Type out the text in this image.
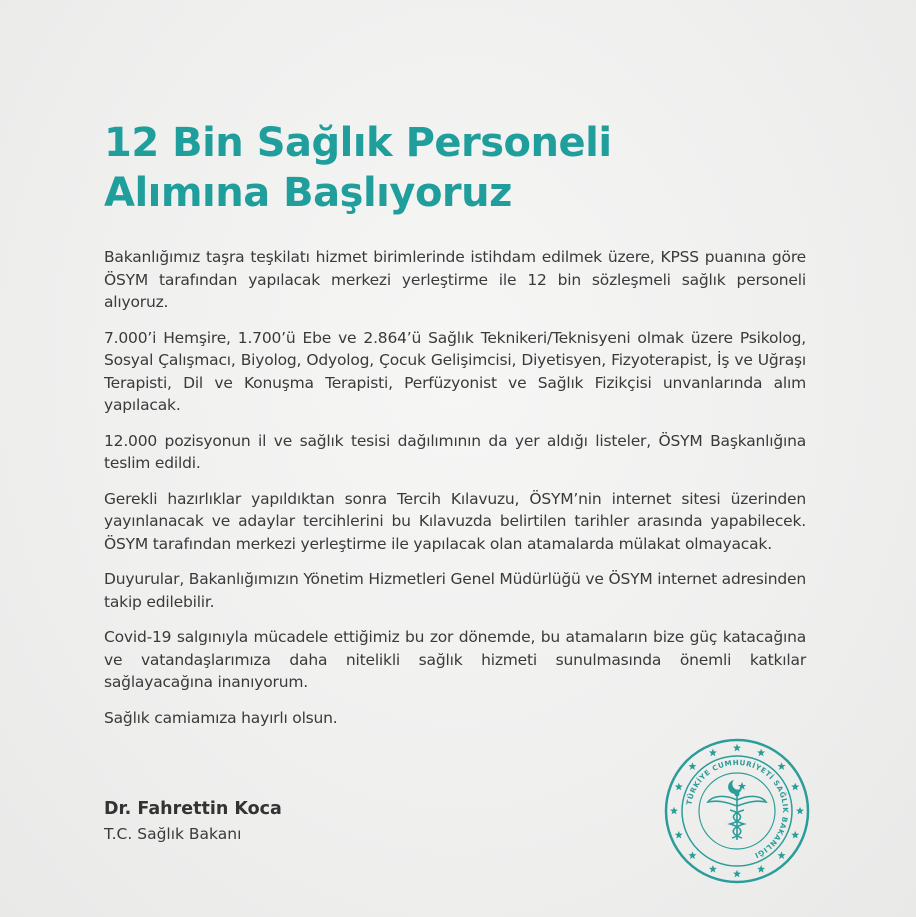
12 Bin Sağlık Personeli
Alımına Başlıyoruz

Bakanlığımız taşra teşkilatı hizmet birimlerinde istihdam edilmek üzere, KPSS puanına göre ÖSYM tarafından yapılacak merkezi yerleştirme ile 12 bin sözleşmeli sağlık personeli alıyoruz.

7.000’i Hemşire, 1.700’ü Ebe ve 2.864’ü Sağlık Teknikeri/Teknisyeni olmak üzere Psikolog, Sosyal Çalışmacı, Biyolog, Odyolog, Çocuk Gelişimcisi, Diyetisyen, Fizyoterapist, İş ve Uğraşı Terapisti, Dil ve Konuşma Terapisti, Perfüzyonist ve Sağlık Fizikçisi unvanlarında alım yapılacak.

12.000 pozisyonun il ve sağlık tesisi dağılımının da yer aldığı listeler, ÖSYM Başkanlığına teslim edildi.

Gerekli hazırlıklar yapıldıktan sonra Tercih Kılavuzu, ÖSYM’nin internet sitesi üzerinden yayınlanacak ve adaylar tercihlerini bu Kılavuzda belirtilen tarihler arasında yapabilecek. ÖSYM tarafından merkezi yerleştirme ile yapılacak olan atamalarda mülakat olmayacak.

Duyurular, Bakanlığımızın Yönetim Hizmetleri Genel Müdürlüğü ve ÖSYM internet adresinden takip edilebilir.

Covid-19 salgınıyla mücadele ettiğimiz bu zor dönemde, bu atamaların bize güç katacağına ve vatandaşlarımıza daha nitelikli sağlık hizmeti sunulmasında önemli katkılar sağlayacağına inanıyorum.

Sağlık camiamıza hayırlı olsun.

Dr. Fahrettin Koca

T.C. Sağlık Bakanı

TÜRKİYE CUMHURİYETİ SAĞLIK BAKANLIĞI
